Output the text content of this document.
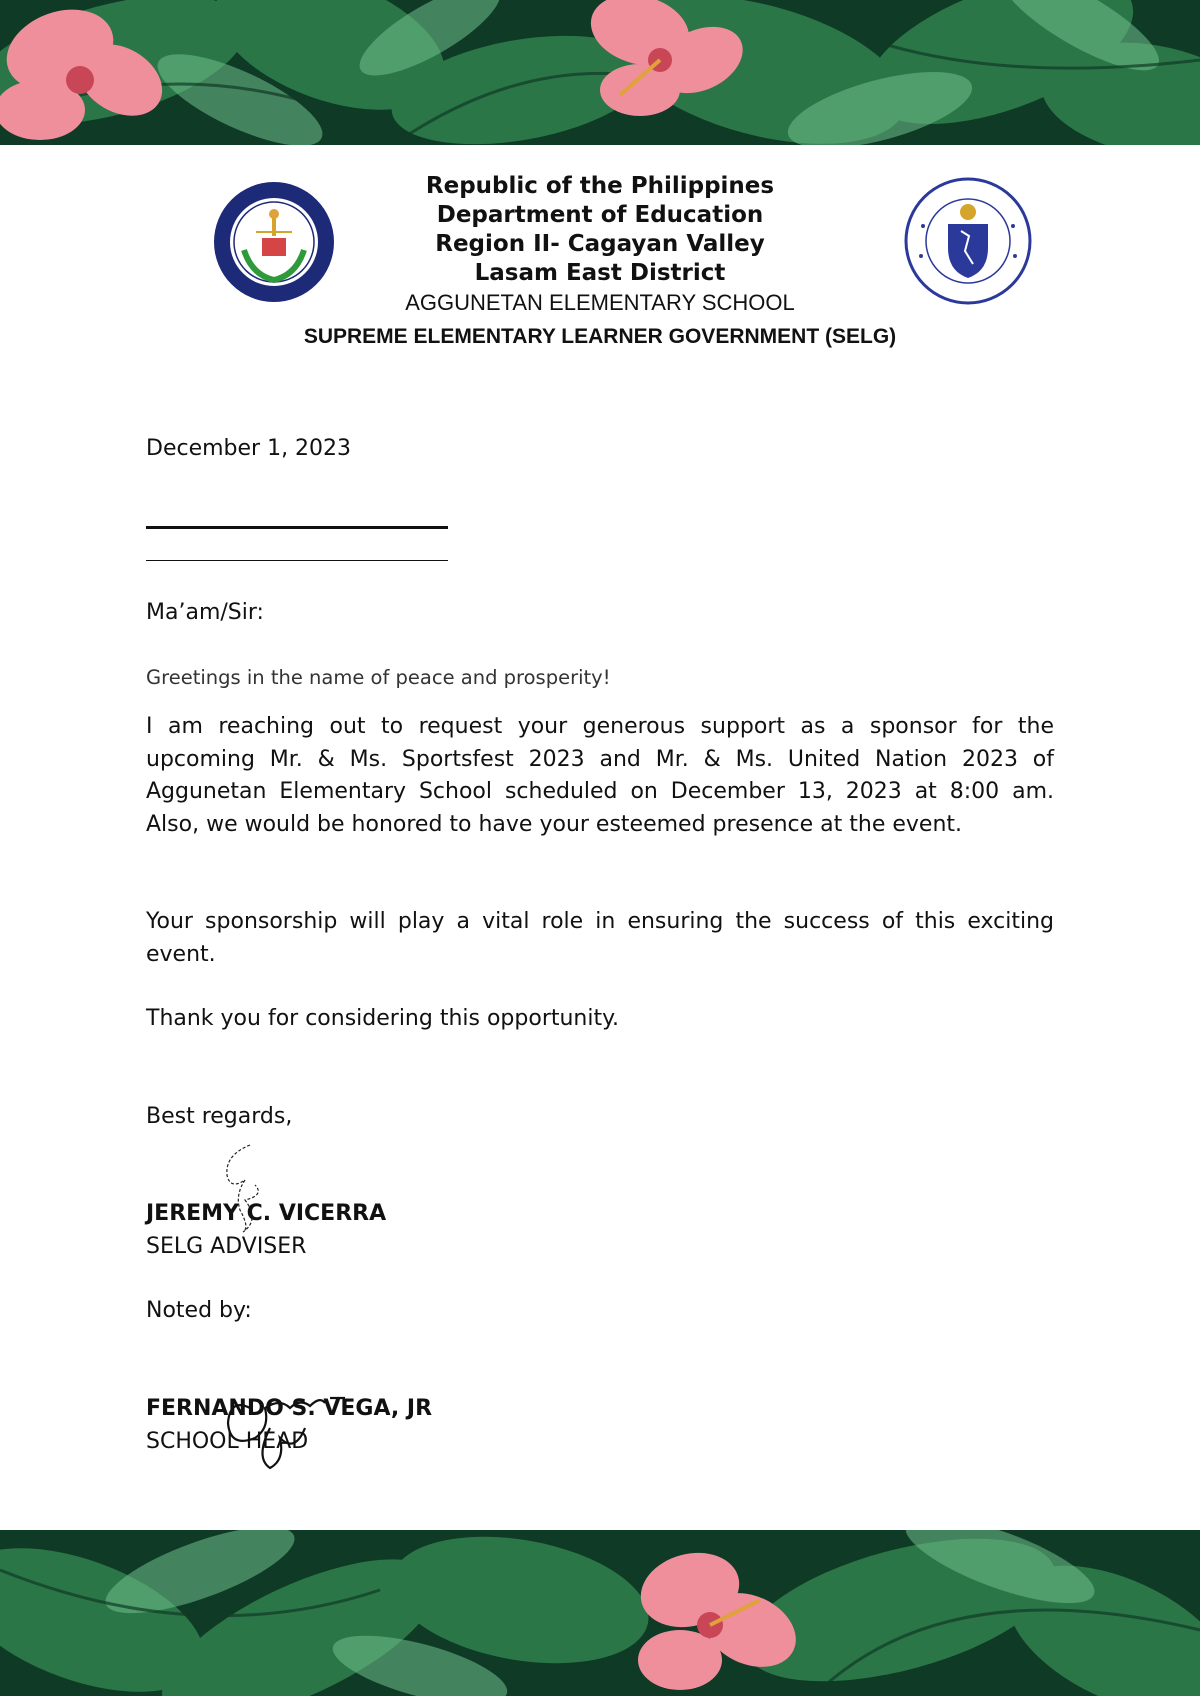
Republic of the Philippines
Department of Education
Region II- Cagayan Valley
Lasam East District
AGGUNETAN ELEMENTARY SCHOOL
SUPREME ELEMENTARY LEARNER GOVERNMENT (SELG)
December 1, 2023
Ma’am/Sir:
Greetings in the name of peace and prosperity!

I am reaching out to request your generous support as a sponsor for the upcoming Mr. & Ms. Sportsfest 2023 and Mr. & Ms. United Nation 2023 of Aggunetan Elementary School scheduled on December 13, 2023 at 8:00 am. Also, we would be honored to have your esteemed presence at the event.

Your sponsorship will play a vital role in ensuring the success of this exciting event.

Thank you for considering this opportunity.

Best regards,
JEREMY C. VICERRA
SELG ADVISER
Noted by:
FERNANDO S. VEGA, JR
SCHOOL HEAD
